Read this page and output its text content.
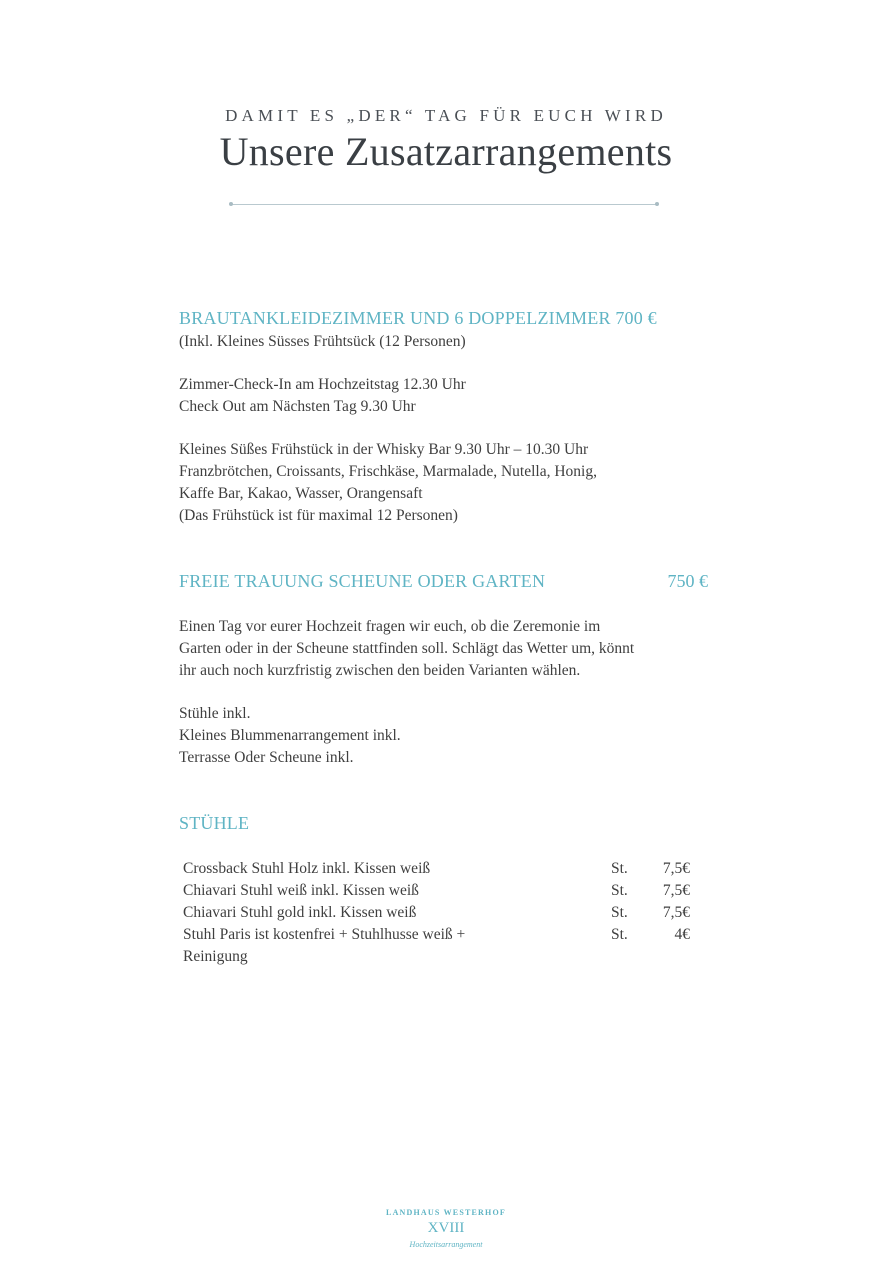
DAMIT ES „DER“ TAG FÜR EUCH WIRD
Unsere Zusatzarrangements
BRAUTANKLEIDEZIMMER UND 6 DOPPELZIMMER 700 €
(Inkl. Kleines Süsses Frühtsück (12 Personen)
Zimmer-Check-In am Hochzeitstag 12.30 Uhr
Check Out am Nächsten Tag 9.30 Uhr
Kleines Süßes Frühstück in der Whisky Bar 9.30 Uhr – 10.30 Uhr
Franzbrötchen, Croissants, Frischkäse, Marmalade, Nutella, Honig,
Kaffe Bar, Kakao, Wasser, Orangensaft
(Das Frühstück ist für maximal 12 Personen)
FREIE TRAUUNG SCHEUNE ODER GARTEN	750 €
Einen Tag vor eurer Hochzeit fragen wir euch, ob die Zeremonie im
Garten oder in der Scheune stattfinden soll. Schlägt das Wetter um, könnt
ihr auch noch kurzfristig zwischen den beiden Varianten wählen.
Stühle inkl.
Kleines Blummenarrangement inkl.
Terrasse Oder Scheune inkl.
STÜHLE
Crossback Stuhl Holz inkl. Kissen weiß	St.	7,5€
Chiavari Stuhl weiß inkl. Kissen weiß	St.	7,5€
Chiavari Stuhl gold inkl. Kissen weiß	St.	7,5€
Stuhl Paris ist kostenfrei + Stuhlhusse weiß +	St.	4€
Reinigung
LANDHAUS WESTERHOF
XVIII
Hochzeitsarrangement
